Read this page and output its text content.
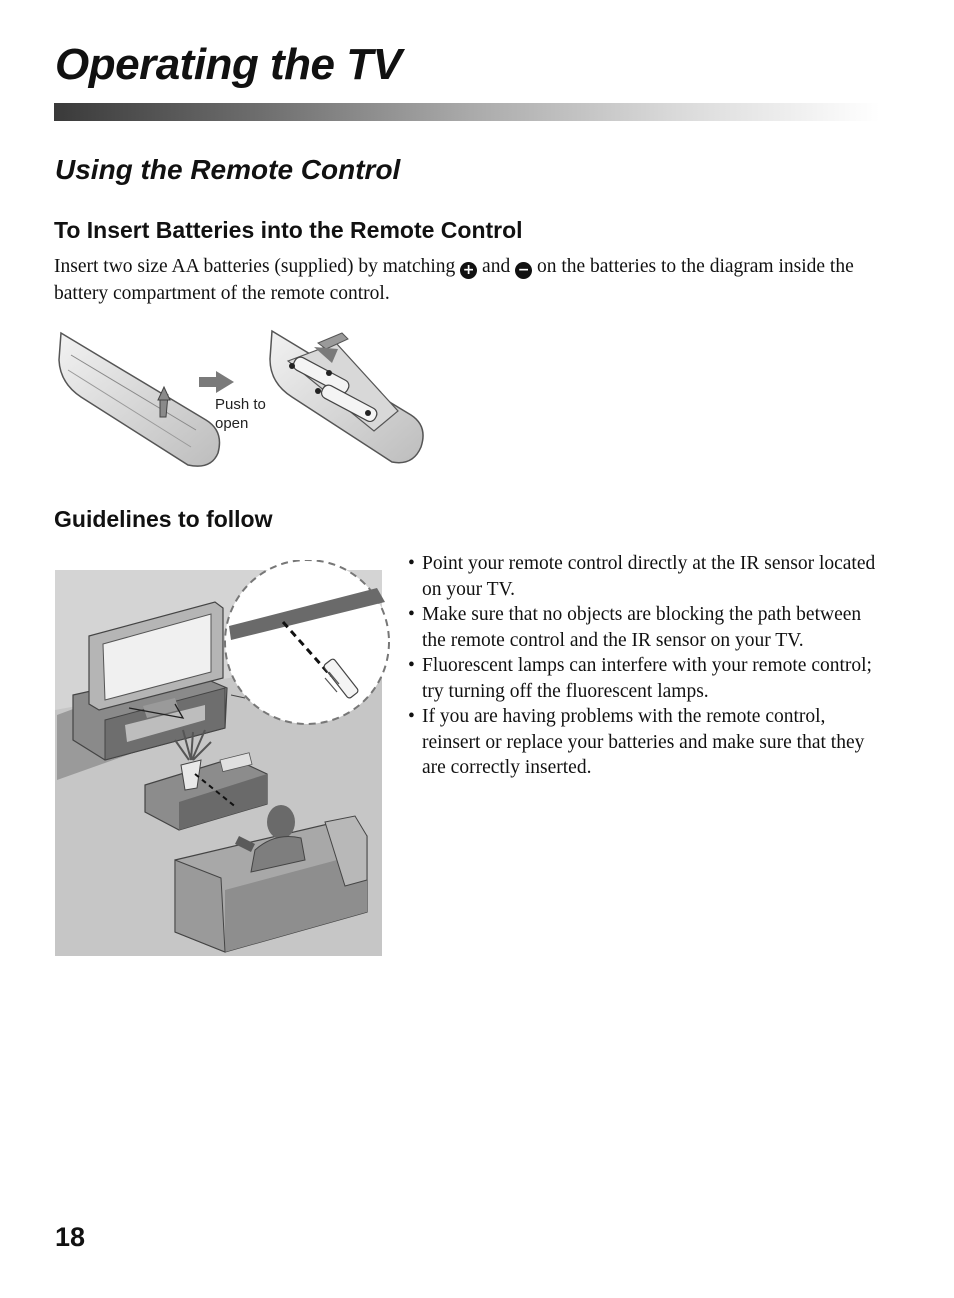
Operating the TV
Using the Remote Control
To Insert Batteries into the Remote Control

Insert two size AA batteries (supplied) by matching + and − on the batteries to the diagram inside the battery compartment of the remote control.

Push to open
Guidelines to follow
• Point your remote control directly at the IR sensor located on your TV.
• Make sure that no objects are blocking the path between the remote control and the IR sensor on your TV.
• Fluorescent lamps can interfere with your remote control; try turning off the fluorescent lamps.
• If you are having problems with the remote control, reinsert or replace your batteries and make sure that they are correctly inserted.
18
